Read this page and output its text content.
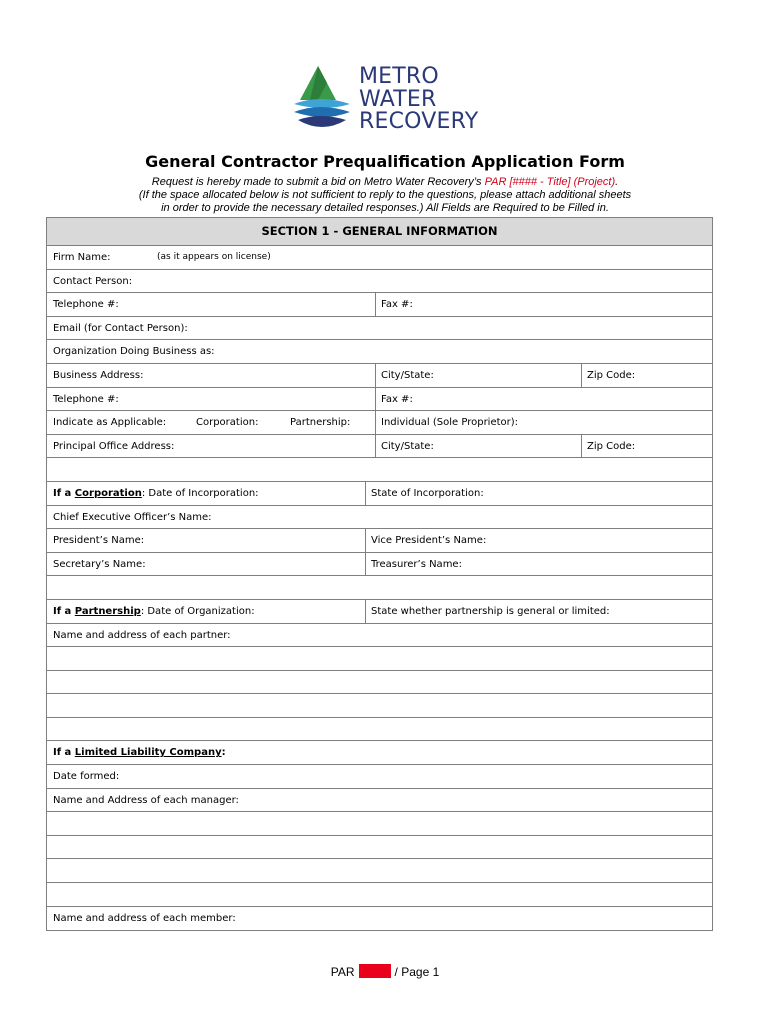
METRO
WATER
RECOVERY
General Contractor Prequalification Application Form
Request is hereby made to submit a bid on Metro Water Recovery’s PAR [#### - Title] (Project).
(If the space allocated below is not sufficient to reply to the questions, please attach additional sheets
in order to provide the necessary detailed responses.) All Fields are Required to be Filled in.
SECTION 1 - GENERAL INFORMATION
Firm Name:	(as it appears on license)
Contact Person:
Telephone #:	Fax #:
Email (for Contact Person):
Organization Doing Business as:
Business Address:	City/State:	Zip Code:
Telephone #:	Fax #:
Indicate as Applicable:	Corporation:	Partnership:	Individual (Sole Proprietor):
Principal Office Address:	City/State:	Zip Code:
If a Corporation: Date of Incorporation:	State of Incorporation:
Chief Executive Officer’s Name:
President’s Name:	Vice President’s Name:
Secretary’s Name:	Treasurer’s Name:
If a Partnership: Date of Organization:	State whether partnership is general or limited:
Name and address of each partner:
If a Limited Liability Company:
Date formed:
Name and Address of each manager:
Name and address of each member:
PAR	/ Page 1
